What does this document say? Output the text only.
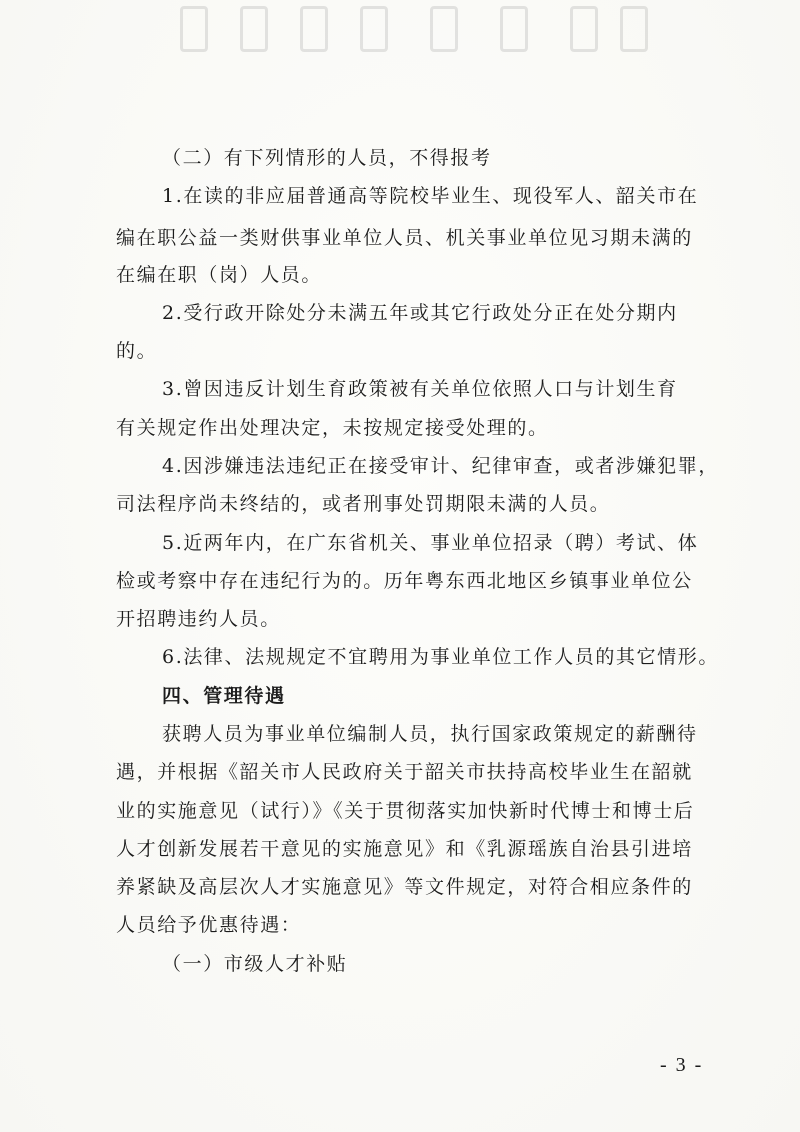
（二）有下列情形的人员，不得报考
1.在读的非应届普通高等院校毕业生、现役军人、韶关市在
编在职公益一类财供事业单位人员、机关事业单位见习期未满的
在编在职（岗）人员。
2.受行政开除处分未满五年或其它行政处分正在处分期内
的。
3.曾因违反计划生育政策被有关单位依照人口与计划生育
有关规定作出处理决定，未按规定接受处理的。
4.因涉嫌违法违纪正在接受审计、纪律审查，或者涉嫌犯罪，
司法程序尚未终结的，或者刑事处罚期限未满的人员。
5.近两年内，在广东省机关、事业单位招录（聘）考试、体
检或考察中存在违纪行为的。历年粤东西北地区乡镇事业单位公
开招聘违约人员。
6.法律、法规规定不宜聘用为事业单位工作人员的其它情形。
四、管理待遇
获聘人员为事业单位编制人员，执行国家政策规定的薪酬待
遇，并根据《韶关市人民政府关于韶关市扶持高校毕业生在韶就
业的实施意见（试行）》《关于贯彻落实加快新时代博士和博士后
人才创新发展若干意见的实施意见》和《乳源瑶族自治县引进培
养紧缺及高层次人才实施意见》等文件规定，对符合相应条件的
人员给予优惠待遇：
（一）市级人才补贴
- 3 -
